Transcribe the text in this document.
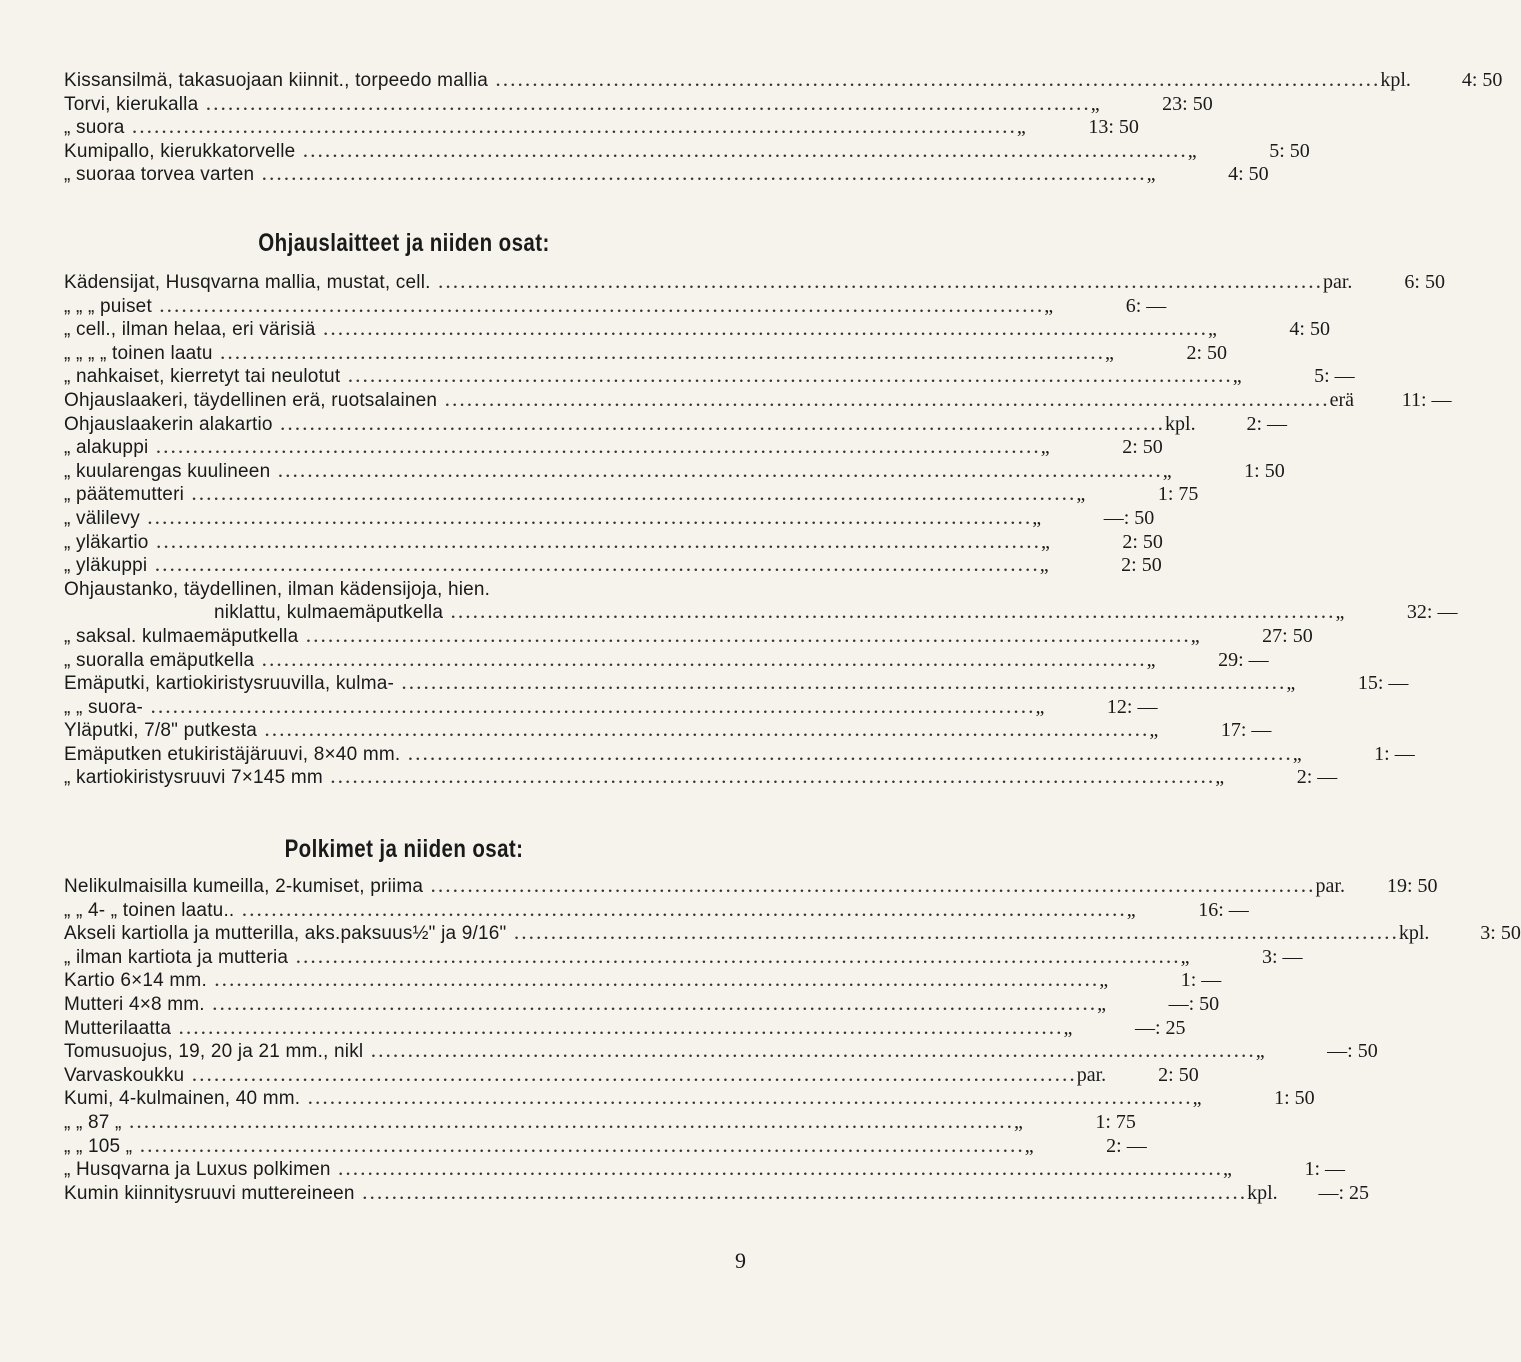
Kissansilmä, takasuojaan kiinnit., torpeedo mallia ........................................................................................................................ kpl.	4: 50
Torvi, kierukalla ........................................................................................................................ „	23: 50
„ suora ........................................................................................................................ „	13: 50
Kumipallo, kierukkatorvelle ........................................................................................................................ „	5: 50
„ suoraa torvea varten ........................................................................................................................ „	4: 50
Ohjauslaitteet ja niiden osat:
Kädensijat, Husqvarna mallia, mustat, cell. ........................................................................................................................ par.	6: 50
„ „ „ puiset ........................................................................................................................ „	6: —
„ cell., ilman helaa, eri värisiä ........................................................................................................................ „	4: 50
„ „ „ „ toinen laatu ........................................................................................................................ „	2: 50
„ nahkaiset, kierretyt tai neulotut ........................................................................................................................ „	5: —
Ohjauslaakeri, täydellinen erä, ruotsalainen ........................................................................................................................ erä	11: —
Ohjauslaakerin alakartio ........................................................................................................................ kpl.	2: —
„ alakuppi ........................................................................................................................ „	2: 50
„ kuularengas kuulineen ........................................................................................................................ „	1: 50
„ päätemutteri ........................................................................................................................ „	1: 75
„ välilevy ........................................................................................................................ „	—: 50
„ yläkartio ........................................................................................................................ „	2: 50
„ yläkuppi ........................................................................................................................ „	2: 50
Ohjaustanko, täydellinen, ilman kädensijoja, hien.
niklattu, kulmaemäputkella ........................................................................................................................ „	32: —
„ saksal. kulmaemäputkella ........................................................................................................................ „	27: 50
„ suoralla emäputkella ........................................................................................................................ „	29: —
Emäputki, kartiokiristysruuvilla, kulma- ........................................................................................................................ „	15: —
„ „ suora- ........................................................................................................................ „	12: —
Yläputki, 7/8" putkesta ........................................................................................................................ „	17: —
Emäputken etukiristäjäruuvi, 8×40 mm. ........................................................................................................................ „	1: —
„ kartiokiristysruuvi 7×145 mm ........................................................................................................................ „	2: —
Polkimet ja niiden osat:
Nelikulmaisilla kumeilla, 2-kumiset, priima ........................................................................................................................ par.	19: 50
„ „ 4- „ toinen laatu.. ........................................................................................................................ „	16: —
Akseli kartiolla ja mutterilla, aks.paksuus½" ja 9/16" ........................................................................................................................ kpl.	3: 50
„ ilman kartiota ja mutteria ........................................................................................................................ „	3: —
Kartio 6×14 mm. ........................................................................................................................ „	1: —
Mutteri 4×8 mm. ........................................................................................................................ „	—: 50
Mutterilaatta ........................................................................................................................ „	—: 25
Tomusuojus, 19, 20 ja 21 mm., nikl ........................................................................................................................ „	—: 50
Varvaskoukku ........................................................................................................................ par.	2: 50
Kumi, 4-kulmainen, 40 mm. ........................................................................................................................ „	1: 50
„ „ 87 „ ........................................................................................................................ „	1: 75
„ „ 105 „ ........................................................................................................................ „	2: —
„ Husqvarna ja Luxus polkimen ........................................................................................................................ „	1: —
Kumin kiinnitysruuvi muttereineen ........................................................................................................................ kpl.	—: 25
9
